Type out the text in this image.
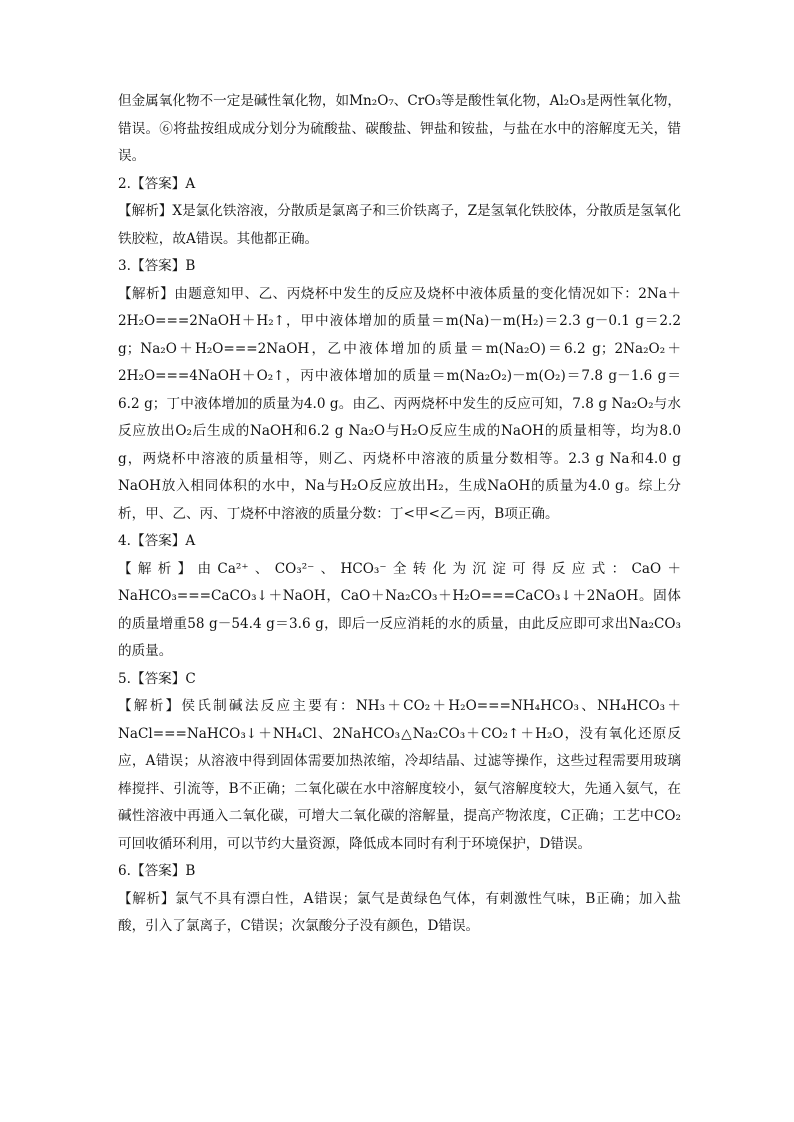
但金属氧化物不一定是碱性氧化物，如Mn₂O₇、CrO₃等是酸性氧化物，Al₂O₃是两性氧化物，错误。⑥将盐按组成成分划分为硫酸盐、碳酸盐、钾盐和铵盐，与盐在水中的溶解度无关，错误。

2.【答案】A

【解析】X是氯化铁溶液，分散质是氯离子和三价铁离子，Z是氢氧化铁胶体，分散质是氢氧化铁胶粒，故A错误。其他都正确。

3.【答案】B

【解析】由题意知甲、乙、丙烧杯中发生的反应及烧杯中液体质量的变化情况如下：2Na＋2H₂O===2NaOH＋H₂↑，甲中液体增加的质量＝m(Na)－m(H₂)＝2.3 g－0.1 g＝2.2 g；Na₂O＋H₂O===2NaOH，乙中液体增加的质量＝m(Na₂O)＝6.2 g；2Na₂O₂＋2H₂O===4NaOH＋O₂↑，丙中液体增加的质量＝m(Na₂O₂)－m(O₂)＝7.8 g－1.6 g＝6.2 g；丁中液体增加的质量为4.0 g。由乙、丙两烧杯中发生的反应可知，7.8 g Na₂O₂与水反应放出O₂后生成的NaOH和6.2 g Na₂O与H₂O反应生成的NaOH的质量相等，均为8.0 g，两烧杯中溶液的质量相等，则乙、丙烧杯中溶液的质量分数相等。2.3 g Na和4.0 g NaOH放入相同体积的水中，Na与H₂O反应放出H₂，生成NaOH的质量为4.0 g。综上分析，甲、乙、丙、丁烧杯中溶液的质量分数：丁<甲<乙＝丙，B项正确。

4.【答案】A

【解析】由Ca²⁺、CO₃²⁻、HCO₃⁻全转化为沉淀可得反应式：CaO＋NaHCO₃===CaCO₃↓＋NaOH，CaO＋Na₂CO₃＋H₂O===CaCO₃↓＋2NaOH。固体的质量增重58 g－54.4 g＝3.6 g，即后一反应消耗的水的质量，由此反应即可求出Na₂CO₃的质量。

5.【答案】C

【解析】侯氏制碱法反应主要有：NH₃＋CO₂＋H₂O===NH₄HCO₃、NH₄HCO₃＋NaCl===NaHCO₃↓＋NH₄Cl、2NaHCO₃△Na₂CO₃＋CO₂↑＋H₂O，没有氧化还原反应，A错误；从溶液中得到固体需要加热浓缩，冷却结晶、过滤等操作，这些过程需要用玻璃棒搅拌、引流等，B不正确；二氧化碳在水中溶解度较小，氨气溶解度较大，先通入氨气，在碱性溶液中再通入二氧化碳，可增大二氧化碳的溶解量，提高产物浓度，C正确；工艺中CO₂可回收循环利用，可以节约大量资源，降低成本同时有利于环境保护，D错误。

6.【答案】B

【解析】氯气不具有漂白性，A错误；氯气是黄绿色气体，有刺激性气味，B正确；加入盐酸，引入了氯离子，C错误；次氯酸分子没有颜色，D错误。
